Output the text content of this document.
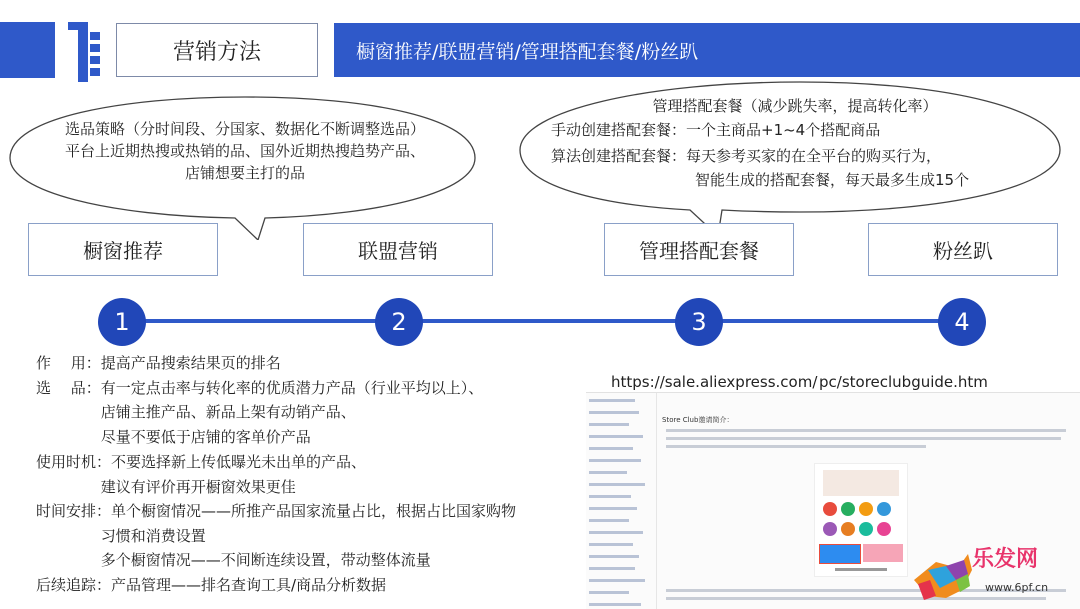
营销方法	橱窗推荐/联盟营销/管理搭配套餐/粉丝趴
选品策略（分时间段、分国家、数据化不断调整选品）
平台上近期热搜或热销的品、国外近期热搜趋势产品、
店铺想要主打的品
管理搭配套餐（减少跳失率，提高转化率）
手动创建搭配套餐：一个主商品+1~4个搭配商品
算法创建搭配套餐：每天参考买家的在全平台的购买行为，
智能生成的搭配套餐，每天最多生成15个
橱窗推荐	联盟营销	管理搭配套餐	粉丝趴
1	2	3	4
作　 用：提高产品搜索结果页的排名
选　 品：有一定点击率与转化率的优质潜力产品（行业平均以上）、
　　　　 店铺主推产品、新品上架有动销产品、
　　　　 尽量不要低于店铺的客单价产品
使用时机：不要选择新上传低曝光未出单的产品、
　　　　 建议有评价再开橱窗效果更佳
时间安排：单个橱窗情况——所推产品国家流量占比，根据占比国家购物
　　　　 习惯和消费设置
　　　　 多个橱窗情况——不间断连续设置，带动整体流量
后续追踪：产品管理——排名查询工具/商品分析数据
https://sale.aliexpress.com/ pc/storeclubguide.htm
Store Club邀请简介：
乐发网
www.6pf.cn
